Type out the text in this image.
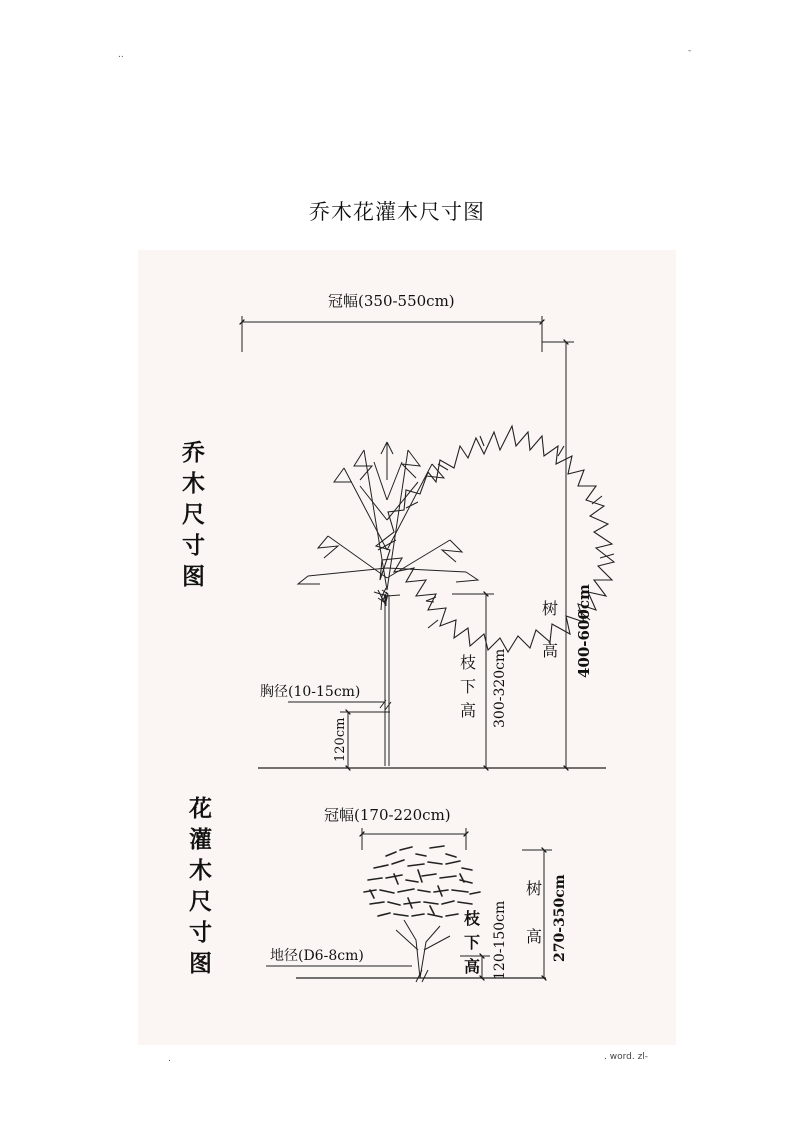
..	-
乔木花灌木尺寸图
冠幅(350-550cm)
树
高 400-600cm
枝
下
高 300-320cm
胸径(10-15cm)
120cm
冠幅(170-220cm)
树
高 270-350cm
枝
下
高 120-150cm
地径(D6-8cm)
乔木尺寸图
花灌木尺寸图
.	. word. zl-
